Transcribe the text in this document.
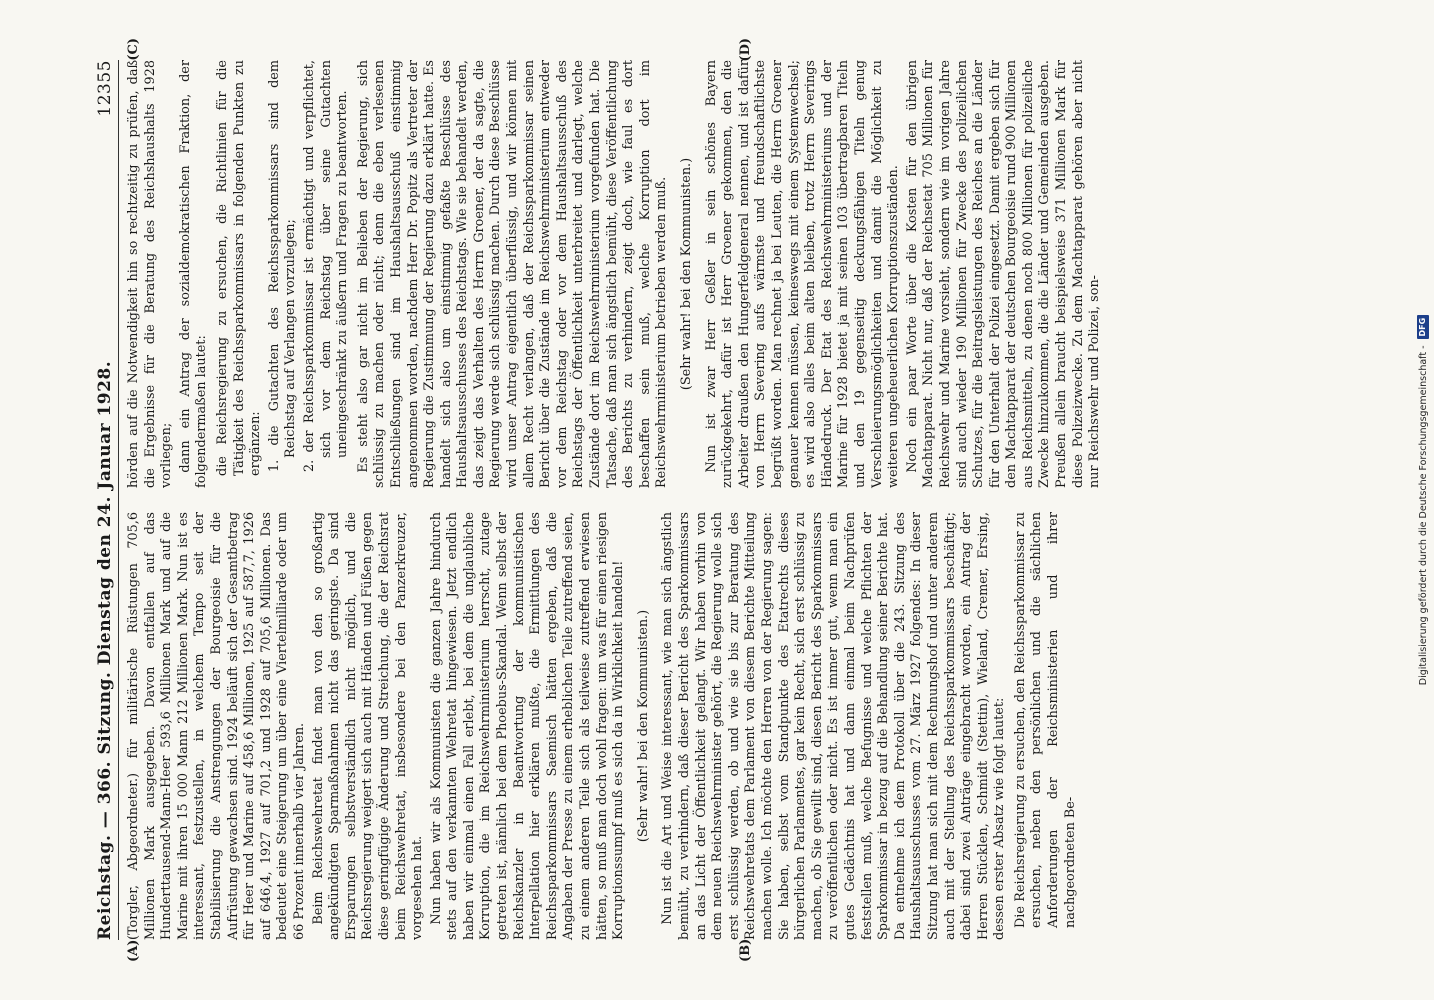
Reichstag. — 366. Sitzung. Dienstag den 24. Januar 1928.
12355
(A)	(B)

(Torgler, Abgeordneter.) für militärische Rüstungen 705,6 Millionen Mark ausgegeben. Davon entfallen auf das Hunderttausend-Mann-Heer 593,6 Millionen Mark und auf die Marine mit ihren 15 000 Mann 212 Millionen Mark. Nun ist es interessant, festzustellen, in welchem Tempo seit der Stabilisierung die Anstrengungen der Bourgeoisie für die Aufrüstung gewachsen sind. 1924 beläuft sich der Gesamtbetrag für Heer und Marine auf 458,6 Millionen, 1925 auf 587,7, 1926 auf 646,4, 1927 auf 701,2 und 1928 auf 705,6 Millionen. Das bedeutet eine Steigerung um über eine Viertelmilliarde oder um 66 Prozent innerhalb vier Jahren. Beim Reichswehretat findet man von den so großartig angekündigten Sparmaßnahmen nicht das geringste. Da sind Ersparungen selbstverständlich nicht möglich, und die Reichsregierung weigert sich auch mit Händen und Füßen gegen diese geringfügige Änderung und Streichung, die der Reichsrat beim Reichswehretat, insbesondere bei den Panzerkreuzer, vorgesehen hat. Nun haben wir als Kommunisten die ganzen Jahre hindurch stets auf den verkannten Wehretat hingewiesen. Jetzt endlich haben wir einmal einen Fall erlebt, bei dem die unglaubliche Korruption, die im Reichswehrministerium herrscht, zutage getreten ist, nämlich bei dem Phoebus-Skandal. Wenn selbst der Reichskanzler in Beantwortung der kommunistischen Interpellation hier erklären mußte, die Ermittlungen des Reichssparkommissars Saemisch hätten ergeben, daß die Angaben der Presse zu einem erheblichen Teile zutreffend seien, zu einem anderen Teile sich als teilweise zutreffend erwiesen hätten, so muß man doch wohl fragen: um was für einen riesigen Korruptionssumpf muß es sich da in Wirklichkeit handeln! (Sehr wahr! bei den Kommunisten.) Nun ist die Art und Weise interessant, wie man sich ängstlich bemüht, zu verhindern, daß dieser Bericht des Sparkommissars an das Licht der Öffentlichkeit gelangt. Wir haben vorhin von dem neuen Reichswehrminister gehört, die Regierung wolle sich erst schlüssig werden, ob und wie sie bis zur Beratung des Reichswehretats dem Parlament von diesem Berichte Mitteilung machen wolle. Ich möchte den Herren von der Regierung sagen: Sie haben, selbst vom Standpunkte des Etatrechts dieses bürgerlichen Parlamentes, gar kein Recht, sich erst schlüssig zu machen, ob Sie gewillt sind, diesen Bericht des Sparkommissars zu veröffentlichen oder nicht. Es ist immer gut, wenn man ein gutes Gedächtnis hat und dann einmal beim Nachprüfen feststellen muß, welche Befugnisse und welche Pflichten der Sparkommissar in bezug auf die Behandlung seiner Berichte hat. Da entnehme ich dem Protokoll über die 243. Sitzung des Haushaltsausschusses vom 27. März 1927 folgendes: In dieser Sitzung hat man sich mit dem Rechnungshof und unter anderem auch mit der Stellung des Reichssparkommissars beschäftigt; dabei sind zwei Anträge eingebracht worden, ein Antrag der Herren Stücklen, Schmidt (Stettin), Wieland, Cremer, Ersing, dessen erster Absatz wie folgt lautet: Die Reichsregierung zu ersuchen, den Reichssparkommissar zu ersuchen, neben den persönlichen und die sächlichen Anforderungen der Reichsministerien und ihrer nachgeordneten Be-

(C)	(D)

hörden auf die Notwendigkeit hin so rechtzeitig zu prüfen, daß die Ergebnisse für die Beratung des Reichshaushalts 1928 vorliegen; dann ein Antrag der sozialdemokratischen Fraktion, der folgendermaßen lautet: die Reichsregierung zu ersuchen, die Richtlinien für die Tätigkeit des Reichssparkommissars in folgenden Punkten zu ergänzen: 1. die Gutachten des Reichssparkommissars sind dem Reichstag auf Verlangen vorzulegen; 2. der Reichssparkommissar ist ermächtigt und verpflichtet, sich vor dem Reichstag über seine Gutachten uneingeschränkt zu äußern und Fragen zu beantworten. Es steht also gar nicht im Belieben der Regierung, sich schlüssig zu machen oder nicht; denn die eben verlesenen Entschließungen sind im Haushaltsausschuß einstimmig angenommen worden, nachdem Herr Dr. Popitz als Vertreter der Regierung die Zustimmung der Regierung dazu erklärt hatte. Es handelt sich also um einstimmig gefaßte Beschlüsse des Haushaltsausschusses des Reichstags. Wie sie behandelt werden, das zeigt das Verhalten des Herrn Groener, der da sagte, die Regierung werde sich schlüssig machen. Durch diese Beschlüsse wird unser Antrag eigentlich überflüssig, und wir können mit allem Recht verlangen, daß der Reichssparkommissar seinen Bericht über die Zustände im Reichswehrministerium entweder vor dem Reichstag oder vor dem Haushaltsausschuß des Reichstags der Öffentlichkeit unterbreitet und darlegt, welche Zustände dort im Reichswehrministerium vorgefunden hat. Die Tatsache, daß man sich ängstlich bemüht, diese Veröffentlichung des Berichts zu verhindern, zeigt doch, wie faul es dort beschaffen sein muß, welche Korruption dort im Reichswehrministerium betrieben werden muß. (Sehr wahr! bei den Kommunisten.) Nun ist zwar Herr Geßler in sein schönes Bayern zurückgekehrt, dafür ist Herr Groener gekommen, den die Arbeiter draußen den Hungerfeldgeneral nennen, und ist dafür von Herrn Severing aufs wärmste und freundschaftlichste begrüßt worden. Man rechnet ja bei Leuten, die Herrn Groener genauer kennen müssen, keineswegs mit einem Systemwechsel; es wird also alles beim alten bleiben, trotz Herrn Severings Händedruck. Der Etat des Reichswehrministeriums und der Marine für 1928 bietet ja mit seinen 103 übertragbaren Titeln und den 19 gegenseitig deckungsfähigen Titeln genug Verschleierungsmöglichkeiten und damit die Möglichkeit zu weiteren ungeheuerlichen Korruptionszuständen. Noch ein paar Worte über die Kosten für den übrigen Machtapparat. Nicht nur, daß der Reichsetat 705 Millionen für Reichswehr und Marine vorsieht, sondern wie im vorigen Jahre sind auch wieder 190 Millionen für Zwecke des polizeilichen Schutzes, für die Beitragsleistungen des Reiches an die Länder für den Unterhalt der Polizei eingesetzt. Damit ergeben sich für den Machtapparat der deutschen Bourgeoisie rund 900 Millionen aus Reichsmitteln, zu denen noch 800 Millionen für polizeiliche Zwecke hinzukommen, die die Länder und Gemeinden ausgeben. Preußen allein braucht beispielsweise 371 Millionen Mark für diese Polizeizwecke. Zu dem Machtapparat gehören aber nicht nur Reichswehr und Polizei, son-	Digitalisierung gefördert durch die Deutsche Forschungsgemeinschaft -
DFG
